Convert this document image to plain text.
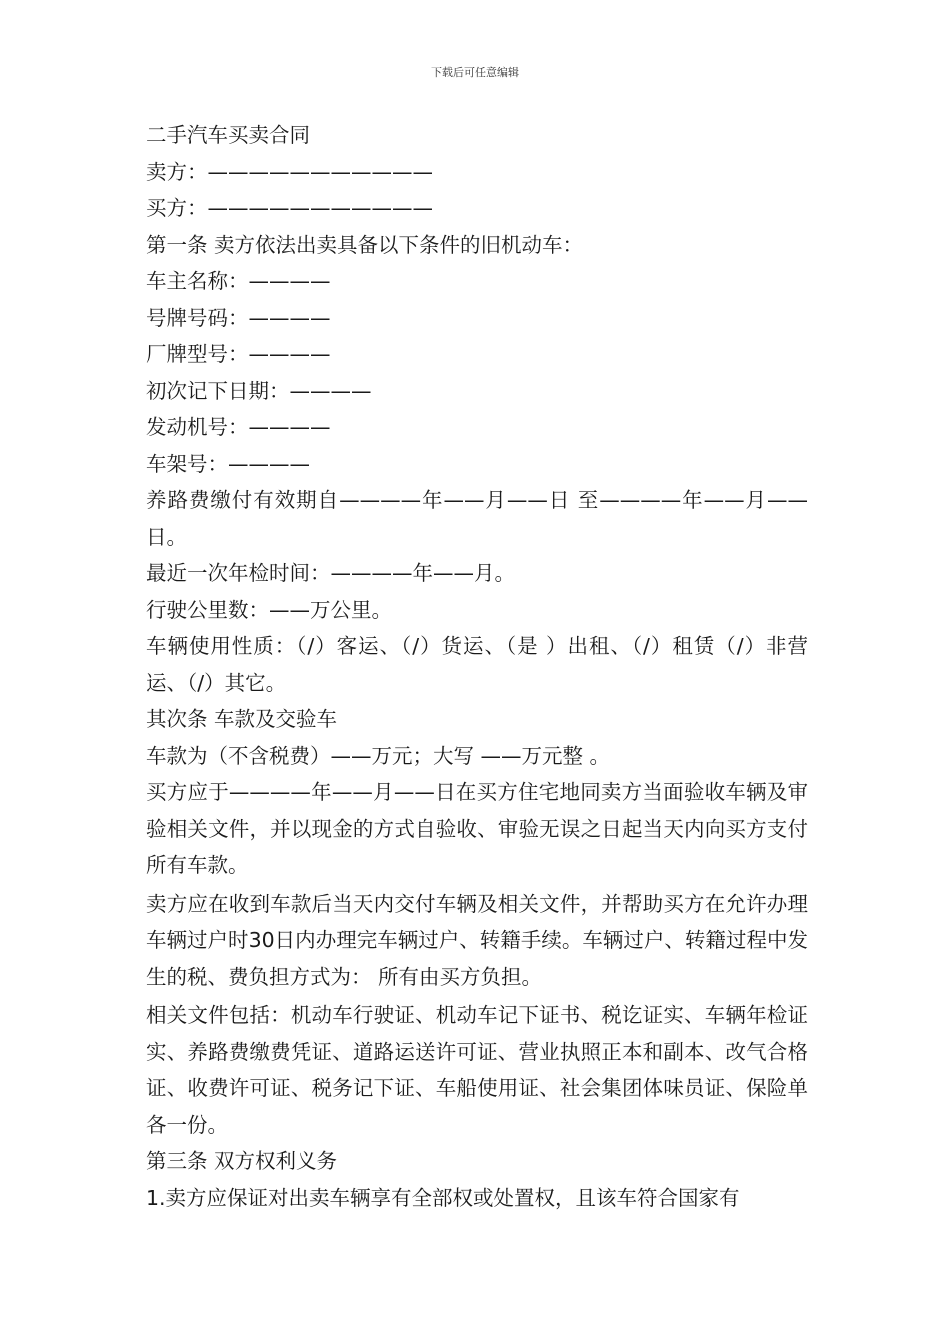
下载后可任意编辑

二手汽车买卖合同

卖方：———————————

买方：———————————

第一条 卖方依法出卖具备以下条件的旧机动车：

车主名称：————

号牌号码：————

厂牌型号：————

初次记下日期：————

发动机号：————

车架号：————

养路费缴付有效期自————年——月——日 至————年——月——日。

最近一次年检时间：————年——月。

行驶公里数：——万公里。

车辆使用性质：（/）客运、（/）货运、（是 ）出租、（/）租赁（/）非营运、（/）其它。

其次条 车款及交验车

车款为（不含税费）——万元；大写 ——万元整 。

买方应于————年——月——日在买方住宅地同卖方当面验收车辆及审验相关文件，并以现金的方式自验收、审验无误之日起当天内向买方支付所有车款。

卖方应在收到车款后当天内交付车辆及相关文件，并帮助买方在允许办理车辆过户时30日内办理完车辆过户、转籍手续。车辆过户、转籍过程中发生的税、费负担方式为： 所有由买方负担。

相关文件包括：机动车行驶证、机动车记下证书、税讫证实、车辆年检证实、养路费缴费凭证、道路运送许可证、营业执照正本和副本、改气合格证、收费许可证、税务记下证、车船使用证、社会集团体味员证、保险单各一份。

第三条 双方权利义务

1.卖方应保证对出卖车辆享有全部权或处置权，且该车符合国家有
